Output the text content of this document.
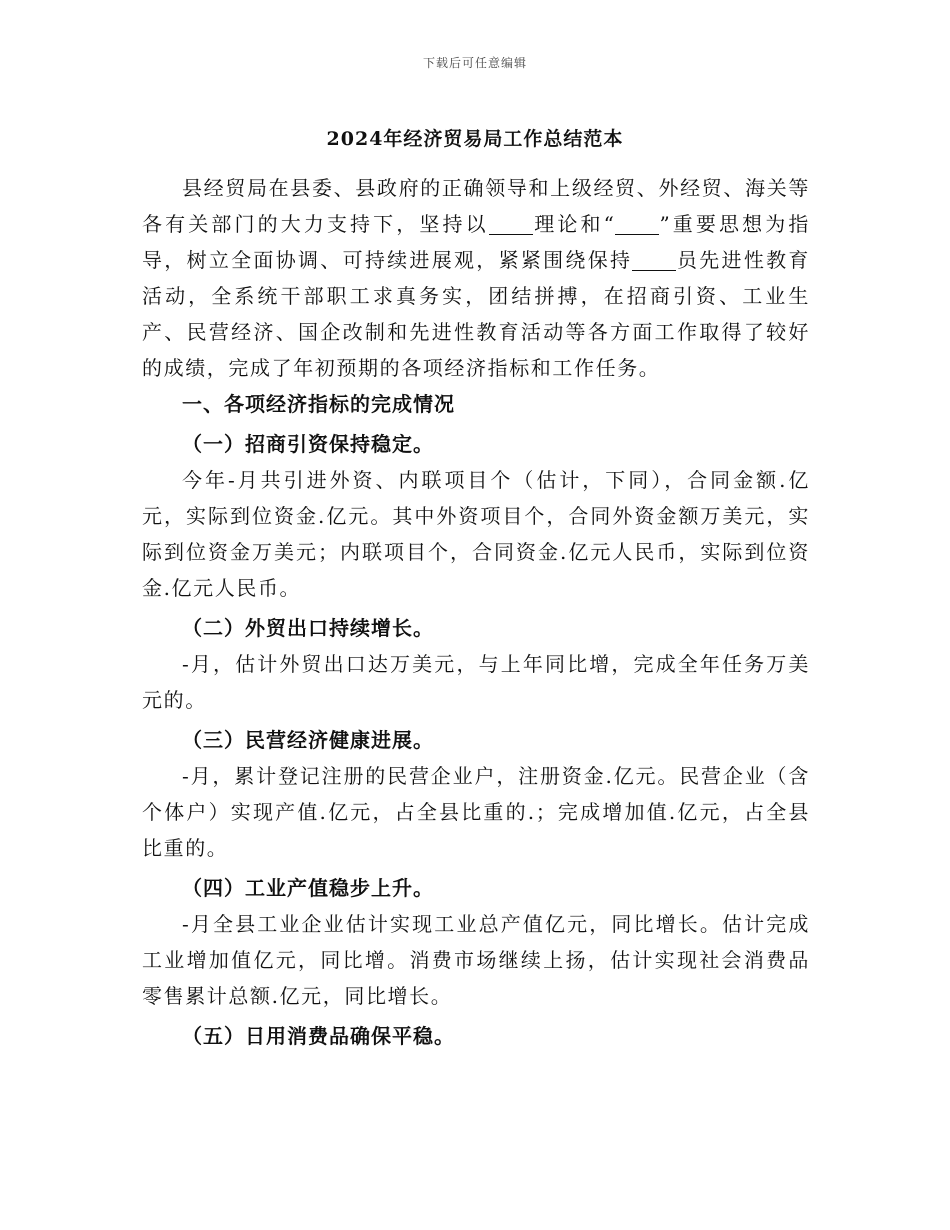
下载后可任意编辑
2024年经济贸易局工作总结范本

县经贸局在县委、县政府的正确领导和上级经贸、外经贸、海关等各有关部门的大力支持下，坚持以 理论和“ ”重要思想为指导，树立全面协调、可持续进展观，紧紧围绕保持 员先进性教育活动，全系统干部职工求真务实，团结拼搏，在招商引资、工业生产、民营经济、国企改制和先进性教育活动等各方面工作取得了较好的成绩，完成了年初预期的各项经济指标和工作任务。

一、各项经济指标的完成情况

（一）招商引资保持稳定。

今年-月共引进外资、内联项目个（估计，下同），合同金额.亿元，实际到位资金.亿元。其中外资项目个，合同外资金额万美元，实际到位资金万美元；内联项目个，合同资金.亿元人民币，实际到位资金.亿元人民币。

（二）外贸出口持续增长。

-月，估计外贸出口达万美元，与上年同比增，完成全年任务万美元的。

（三）民营经济健康进展。

-月，累计登记注册的民营企业户，注册资金.亿元。民营企业（含个体户）实现产值.亿元，占全县比重的.；完成增加值.亿元，占全县比重的。

（四）工业产值稳步上升。

-月全县工业企业估计实现工业总产值亿元，同比增长。估计完成工业增加值亿元，同比增。消费市场继续上扬，估计实现社会消费品零售累计总额.亿元，同比增长。

（五）日用消费品确保平稳。
